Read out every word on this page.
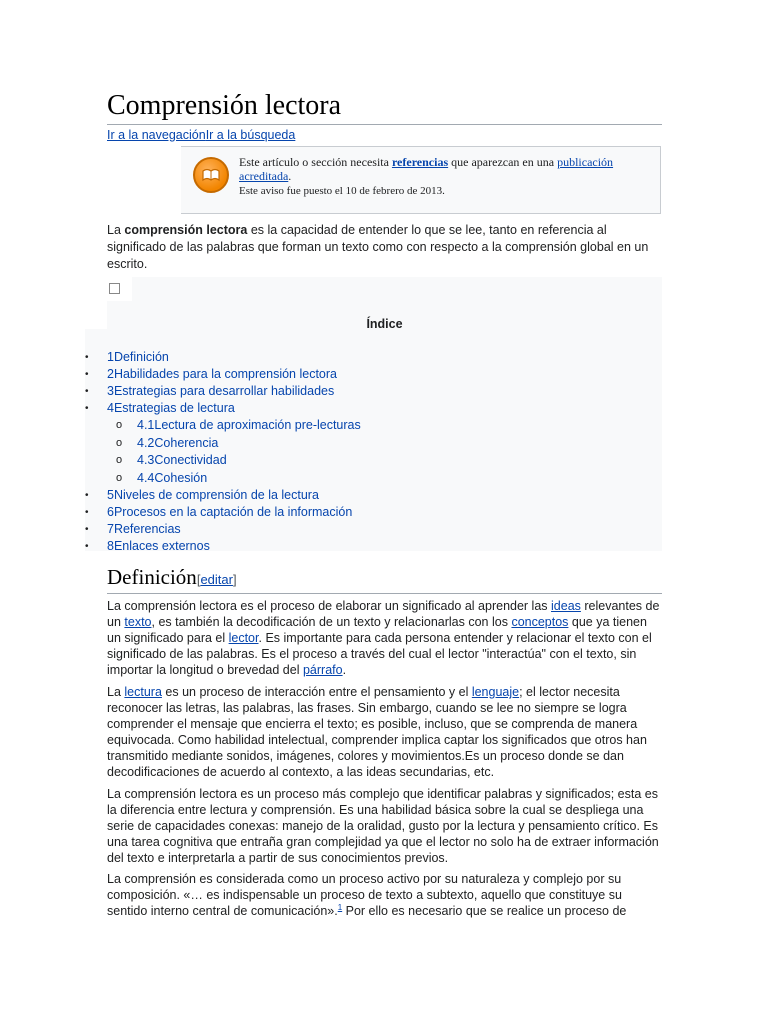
Comprensión lectora
Ir a la navegaciónIr a la búsqueda
Este artículo o sección necesita referencias que aparezcan en una publicación acreditada.
Este aviso fue puesto el 10 de febrero de 2013.

La comprensión lectora es la capacidad de entender lo que se lee, tanto en referencia al significado de las palabras que forman un texto como con respecto a la comprensión global en un escrito.

Índice
• 1Definición
• 2Habilidades para la comprensión lectora
• 3Estrategias para desarrollar habilidades
• 4Estrategias de lectura
o 4.1Lectura de aproximación pre-lecturas
o 4.2Coherencia
o 4.3Conectividad
o 4.4Cohesión
• 5Niveles de comprensión de la lectura
• 6Procesos en la captación de la información
• 7Referencias
• 8Enlaces externos
Definición[editar]

La comprensión lectora es el proceso de elaborar un significado al aprender las ideas relevantes de un texto, es también la decodificación de un texto y relacionarlas con los conceptos que ya tienen un significado para el lector. Es importante para cada persona entender y relacionar el texto con el significado de las palabras. Es el proceso a través del cual el lector "interactúa" con el texto, sin importar la longitud o brevedad del párrafo.

La lectura es un proceso de interacción entre el pensamiento y el lenguaje; el lector necesita reconocer las letras, las palabras, las frases. Sin embargo, cuando se lee no siempre se logra comprender el mensaje que encierra el texto; es posible, incluso, que se comprenda de manera equivocada. Como habilidad intelectual, comprender implica captar los significados que otros han transmitido mediante sonidos, imágenes, colores y movimientos.Es un proceso donde se dan decodificaciones de acuerdo al contexto, a las ideas secundarias, etc.

La comprensión lectora es un proceso más complejo que identificar palabras y significados; esta es la diferencia entre lectura y comprensión. Es una habilidad básica sobre la cual se despliega una serie de capacidades conexas: manejo de la oralidad, gusto por la lectura y pensamiento crítico. Es una tarea cognitiva que entraña gran complejidad ya que el lector no solo ha de extraer información del texto e interpretarla a partir de sus conocimientos previos.

La comprensión es considerada como un proceso activo por su naturaleza y complejo por su composición. «… es indispensable un proceso de texto a subtexto, aquello que constituye su sentido interno central de comunicación».$^1$ Por ello es necesario que se realice un proceso de
